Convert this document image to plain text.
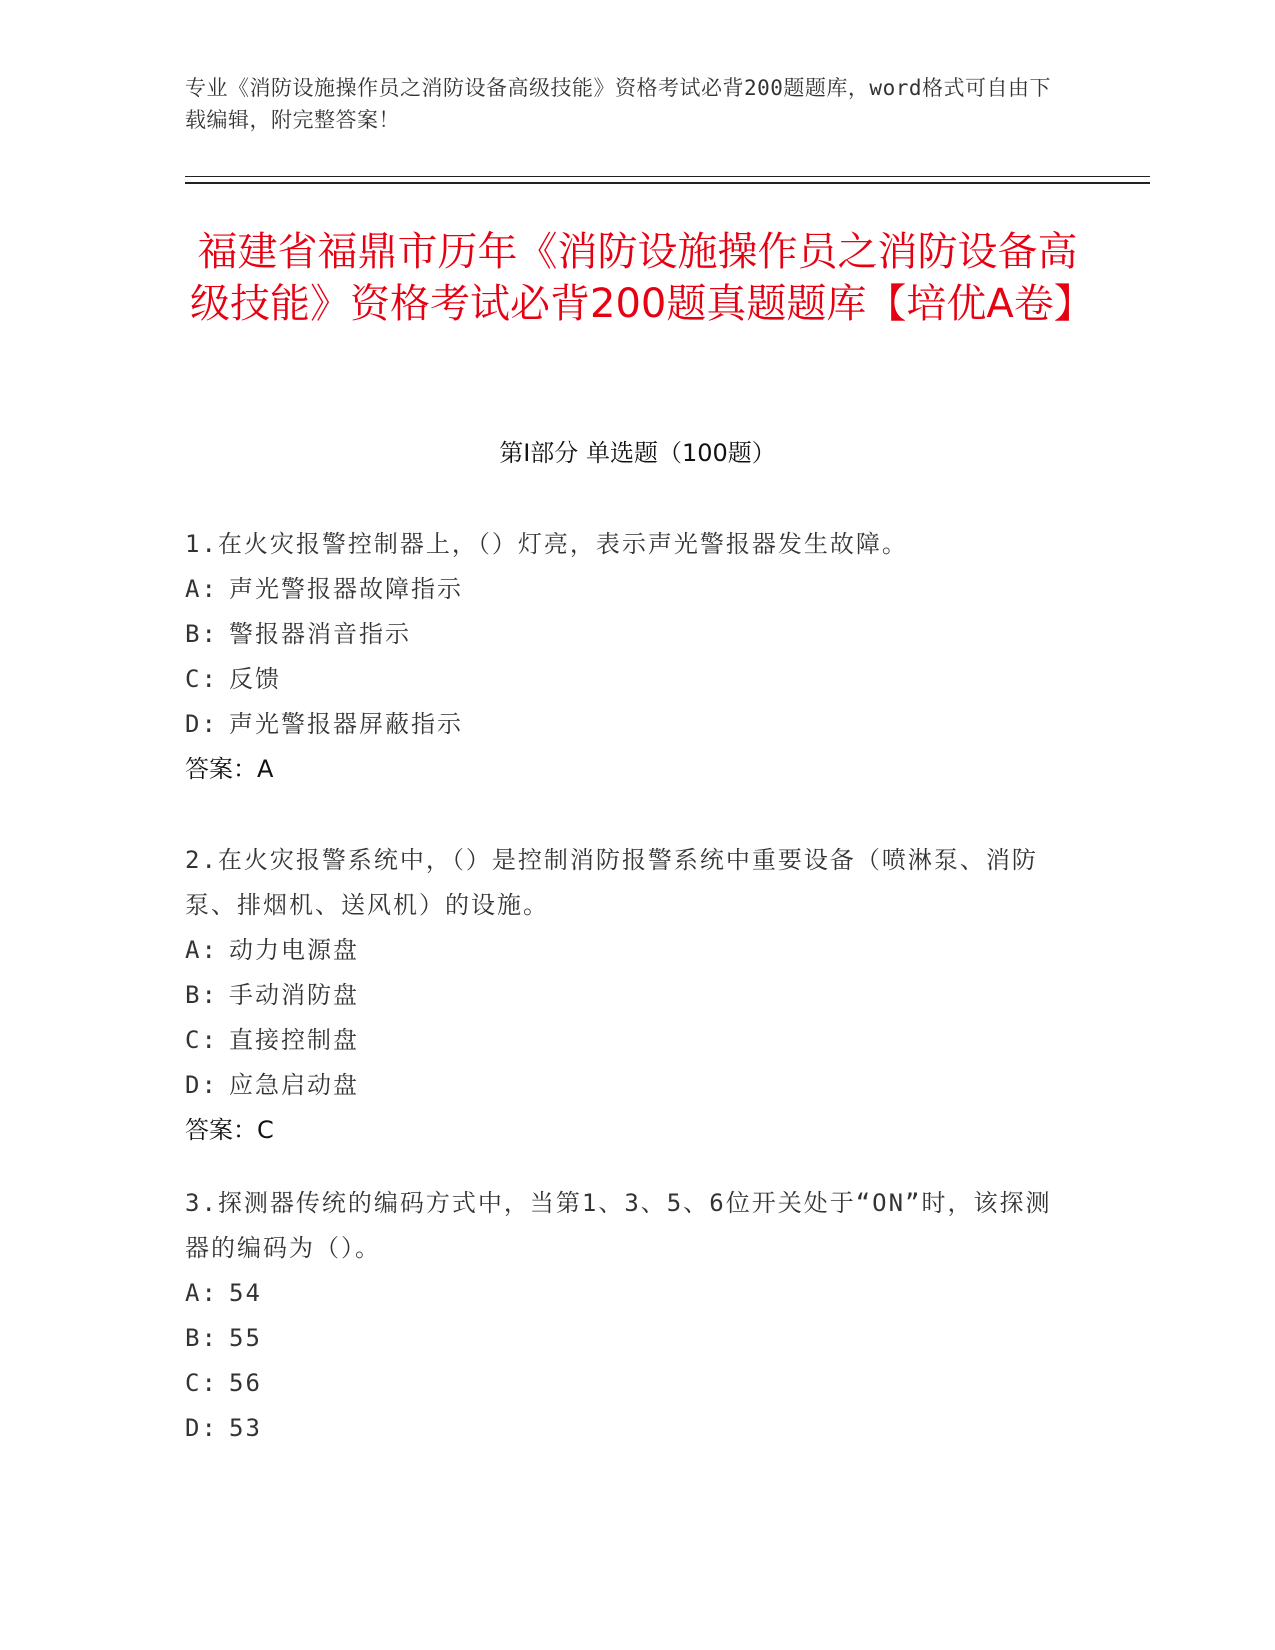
专业《消防设施操作员之消防设备高级技能》资格考试必背200题题库，word格式可自由下载编辑，附完整答案！
福建省福鼎市历年《消防设施操作员之消防设备高级技能》资格考试必背200题真题题库【培优A卷】
第Ⅰ部分 单选题（100题）
1.在火灾报警控制器上，（）灯亮，表示声光警报器发生故障。
A: 声光警报器故障指示
B: 警报器消音指示
C: 反馈
D: 声光警报器屏蔽指示
答案：A
2.在火灾报警系统中，（）是控制消防报警系统中重要设备（喷淋泵、消防泵、排烟机、送风机）的设施。
A: 动力电源盘
B: 手动消防盘
C: 直接控制盘
D: 应急启动盘
答案：C
3.探测器传统的编码方式中，当第1、3、5、6位开关处于“ON”时，该探测器的编码为（）。
A: 54
B: 55
C: 56
D: 53
